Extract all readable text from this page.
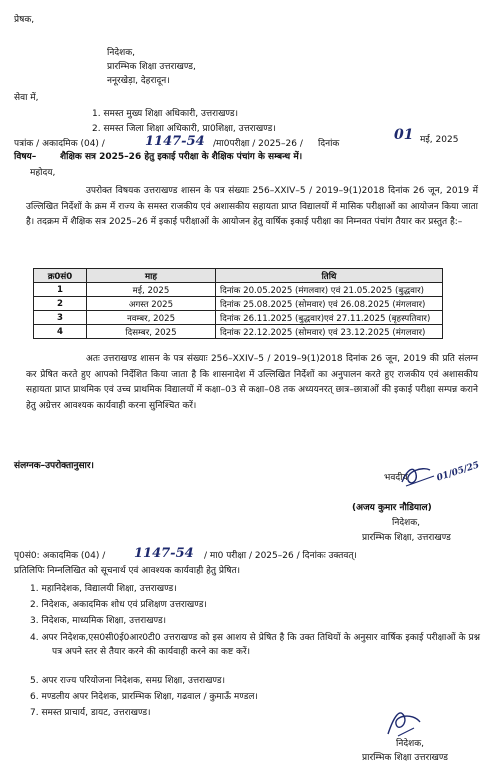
प्रेषक,
निदेशक,
प्रारम्भिक शिक्षा उत्तराखण्ड,
ननूरखेड़ा, देहरादून।
सेवा में,
1. समस्त मुख्य शिक्षा अधिकारी, उत्तराखण्ड।
2. समस्त जिला शिक्षा अधिकारी, प्रा0शिक्षा, उत्तराखण्ड।
पत्रांक / अकादमिक (04) /	1147-54 /मा0परीक्षा / 2025–26 / दिनांक
01 मई, 2025
विषय–	शैक्षिक सत्र 2025–26 हेतु इकाई परीक्षा के शैक्षिक पंचांग के सम्बन्ध में।
महोदय,
उपरोक्त विषयक उत्तराखण्ड शासन के पत्र संख्याः 256–XXIV–5 / 2019–9(1)2018 दिनांक 26 जून, 2019 में उल्लिखित निर्देशों के क्रम में राज्य के समस्त राजकीय एवं अशासकीय सहायता प्राप्त विद्यालयों में मासिक परीक्षाओं का आयोजन किया जाता है। तदक्रम में शैक्षिक सत्र 2025–26 में इकाई परीक्षाओं के आयोजन हेतु वार्षिक इकाई परीक्षा का निम्नवत पंचांग तैयार कर प्रस्तुत है:–
क्र0सं0	माह	तिथि
1	मई, 2025	दिनांक 20.05.2025 (मंगलवार) एवं 21.05.2025 (बुद्धवार)
2	अगस्त 2025	दिनांक 25.08.2025 (सोमवार) एवं 26.08.2025 (मंगलवार)
3	नवम्बर, 2025	दिनांक 26.11.2025 (बुद्धवार)एवं 27.11.2025 (बृहस्पतिवार)
4	दिसम्बर, 2025	दिनांक 22.12.2025 (सोमवार) एवं 23.12.2025 (मंगलवार)
अतः उत्तराखण्ड शासन के पत्र संख्याः 256–XXIV–5 / 2019–9(1)2018 दिनांक 26 जून, 2019 की प्रति संलग्न कर प्रेषित करते हुए आपको निर्देशित किया जाता है कि शासनादेश में उल्लिखित निर्देशों का अनुपालन करते हुए राजकीय एवं अशासकीय सहायता प्राप्त प्राथमिक एवं उच्च प्राथमिक विद्यालयों में कक्षा–03 से कक्षा–08 तक अध्ययनरत् छात्र–छात्राओं की इकाई परीक्षा सम्पन्न कराने हेतु अग्रेत्तर आवश्यक कार्यवाही करना सुनिश्चित करें।
संलग्नक–उपरोक्तानुसार।
भवदीय	01/05/25
(अजय कुमार नौडियाल)
निदेशक,
प्रारम्भिक शिक्षा, उत्तराखण्ड
पृ0सं0: अकादमिक (04) / 1147-54 / मा0 परीक्षा / 2025–26 / दिनांकः उक्तवत्।
प्रतिलिपिः निम्नलिखित को सूचनार्थ एवं आवश्यक कार्यवाही हेतु प्रेषित।
1. महानिदेशक, विद्यालयी शिक्षा, उत्तराखण्ड।
2. निदेशक, अकादमिक शोध एवं प्रशिक्षण उत्तराखण्ड।
3. निदेशक, माध्यमिक शिक्षा, उत्तराखण्ड।
4. अपर निदेशक,एस0सी0ई0आर0टी0 उत्तराखण्ड को इस आशय से प्रेषित है कि उक्त तिथियों के अनुसार वार्षिक इकाई परीक्षाओं के प्रश्न पत्र अपने स्तर से तैयार करने की कार्यवाही करने का कष्ट करें।
5. अपर राज्य परियोजना निदेशक, समग्र शिक्षा, उत्तराखण्ड।
6. मण्डलीय अपर निदेशक, प्रारम्भिक शिक्षा, गढवाल / कुमाऊँ मण्डल।
7. समस्त प्राचार्य, डायट, उत्तराखण्ड।
निदेशक,
प्रारम्भिक शिक्षा उत्तराखण्ड
